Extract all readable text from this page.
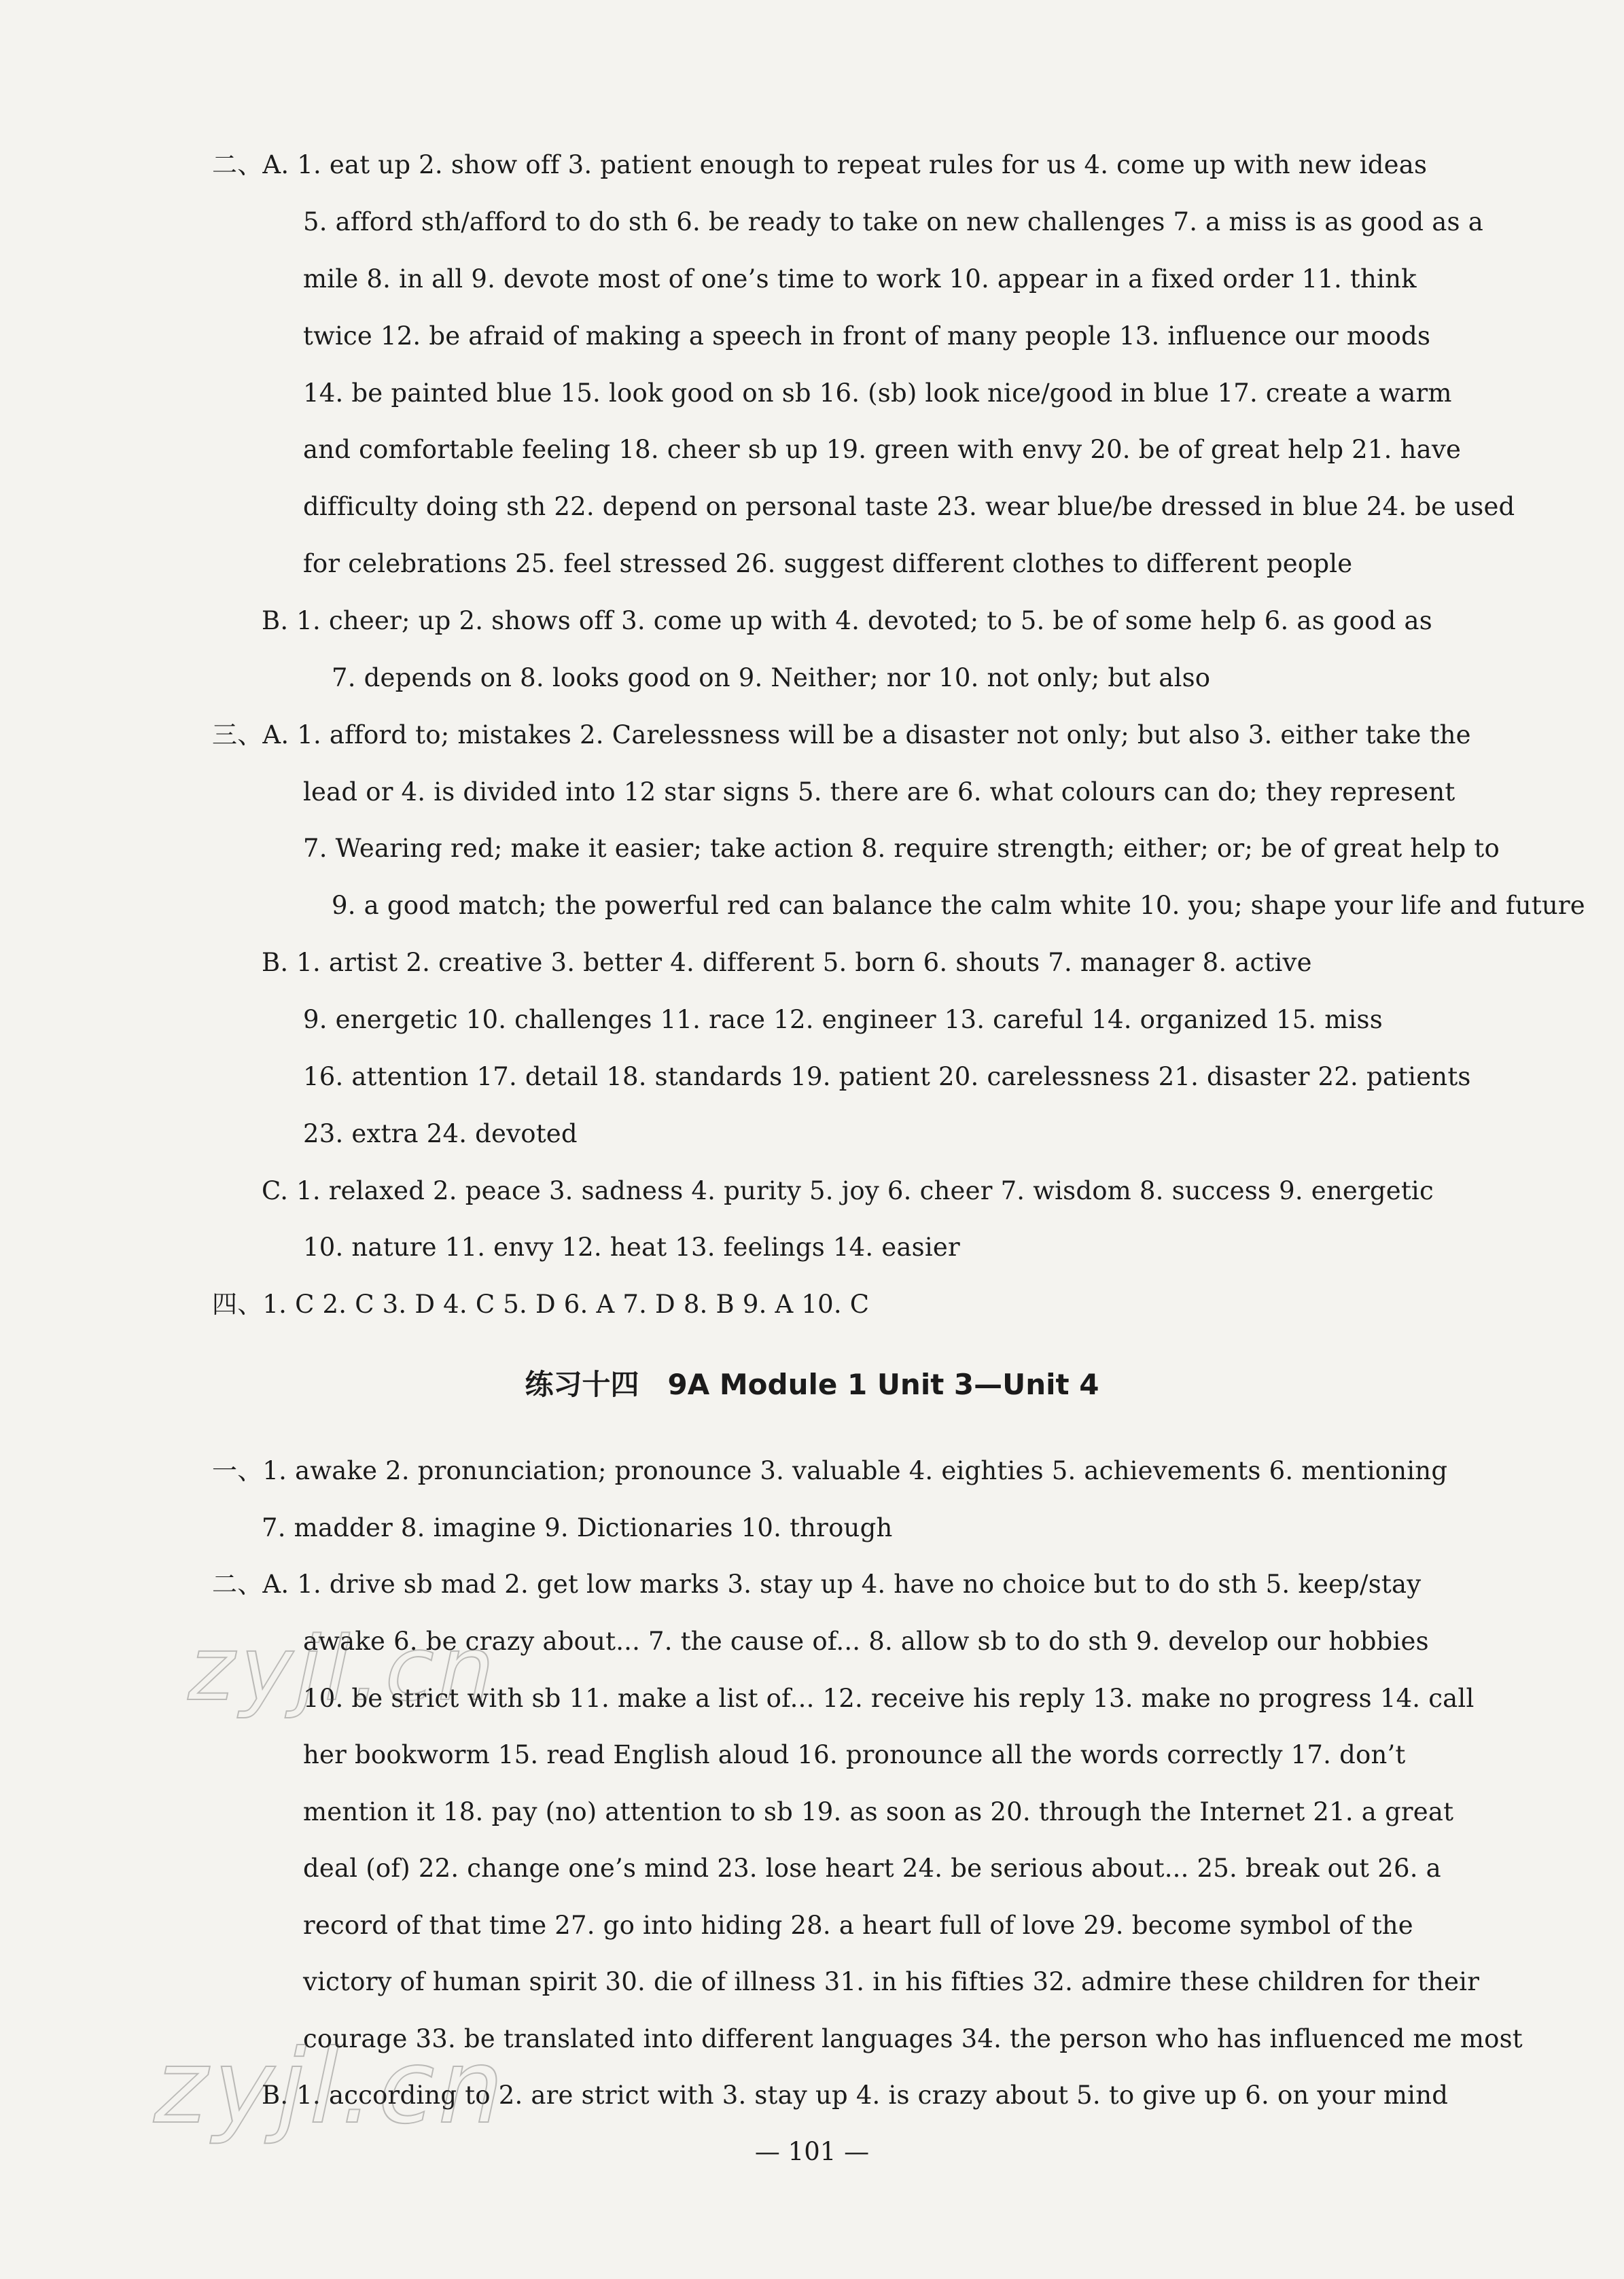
二、A. 1. eat up 2. show off 3. patient enough to repeat rules for us 4. come up with new ideas
5. afford sth/afford to do sth 6. be ready to take on new challenges 7. a miss is as good as a
mile 8. in all 9. devote most of one’s time to work 10. appear in a fixed order 11. think
twice 12. be afraid of making a speech in front of many people 13. influence our moods
14. be painted blue 15. look good on sb 16. (sb) look nice/good in blue 17. create a warm
and comfortable feeling 18. cheer sb up 19. green with envy 20. be of great help 21. have
difficulty doing sth 22. depend on personal taste 23. wear blue/be dressed in blue 24. be used
for celebrations 25. feel stressed 26. suggest different clothes to different people
B. 1. cheer; up 2. shows off 3. come up with 4. devoted; to 5. be of some help 6. as good as
7. depends on 8. looks good on 9. Neither; nor 10. not only; but also
三、A. 1. afford to; mistakes 2. Carelessness will be a disaster not only; but also 3. either take the
lead or 4. is divided into 12 star signs 5. there are 6. what colours can do; they represent
7. Wearing red; make it easier; take action 8. require strength; either; or; be of great help to
9. a good match; the powerful red can balance the calm white 10. you; shape your life and future
B. 1. artist 2. creative 3. better 4. different 5. born 6. shouts 7. manager 8. active
9. energetic 10. challenges 11. race 12. engineer 13. careful 14. organized 15. miss
16. attention 17. detail 18. standards 19. patient 20. carelessness 21. disaster 22. patients
23. extra 24. devoted
C. 1. relaxed 2. peace 3. sadness 4. purity 5. joy 6. cheer 7. wisdom 8. success 9. energetic
10. nature 11. envy 12. heat 13. feelings 14. easier
四、1. C 2. C 3. D 4. C 5. D 6. A 7. D 8. B 9. A 10. C
练习十四　9A Module 1 Unit 3—Unit 4
一、1. awake 2. pronunciation; pronounce 3. valuable 4. eighties 5. achievements 6. mentioning
7. madder 8. imagine 9. Dictionaries 10. through
二、A. 1. drive sb mad 2. get low marks 3. stay up 4. have no choice but to do sth 5. keep/stay
awake 6. be crazy about... 7. the cause of... 8. allow sb to do sth 9. develop our hobbies
10. be strict with sb 11. make a list of... 12. receive his reply 13. make no progress 14. call
her bookworm 15. read English aloud 16. pronounce all the words correctly 17. don’t
mention it 18. pay (no) attention to sb 19. as soon as 20. through the Internet 21. a great
deal (of) 22. change one’s mind 23. lose heart 24. be serious about... 25. break out 26. a
record of that time 27. go into hiding 28. a heart full of love 29. become symbol of the
victory of human spirit 30. die of illness 31. in his fifties 32. admire these children for their
courage 33. be translated into different languages 34. the person who has influenced me most
B. 1. according to 2. are strict with 3. stay up 4. is crazy about 5. to give up 6. on your mind
— 101 —
zyjl.cn
zyjl.cn
